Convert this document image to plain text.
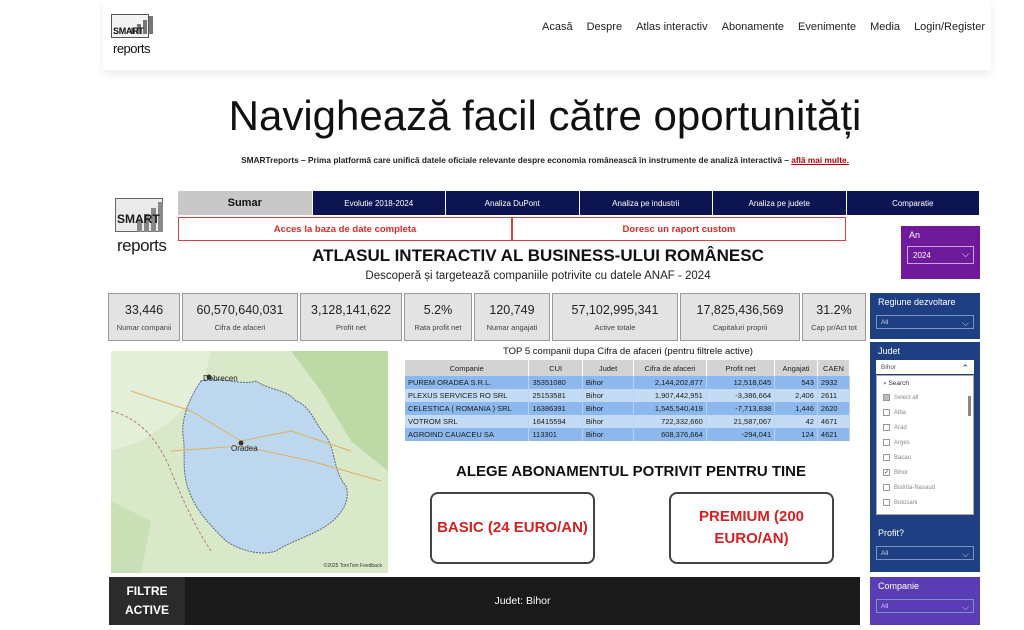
SMART
reports
Acasă Despre Atlas interactiv Abonamente Evenimente Media Login/Register
Navighează facil către oportunități
SMARTreports – Prima platformă care unifică datele oficiale relevante despre economia românească în instrumente de analiză interactivă – află mai multe.
SMART
reports
Sumar	Evolutie 2018-2024	Analiza DuPont	Analiza pe industrii	Analiza pe judete	Comparatie
Acces la baza de date completa	Doresc un raport custom
ATLASUL INTERACTIV AL BUSINESS-ULUI ROMÂNESC
Descoperă și targetează companiile potrivite cu datele ANAF - 2024
33,446
Numar companii
60,570,640,031
Cifra de afaceri
3,128,141,622
Profit net
5.2%
Rata profit net
120,749
Numar angajati
57,102,995,341
Active totale
17,825,436,569
Capitaluri proprii
31.2%
Cap pr/Act tot
Debrecen
Oradea
©2025 TomTom Feedback
TOP 5 companii dupa Cifra de afaceri (pentru filtrele active)
Companie	CUI	Judet	Cifra de afaceri	Profit net	Angajati	CAEN
PUREM ORADEA S.R.L.	35351080	Bihor	2,144,202,877	12,518,045	543	2932
PLEXUS SERVICES RO SRL	25153581	Bihor	1,907,442,951	-3,386,664	2,406	2611
CELESTICA ( ROMANIA ) SRL	16386391	Bihor	1,545,540,419	-7,713,838	1,446	2620
VOTROM SRL	16415594	Bihor	722,332,660	21,587,067	42	4671
AGROIND CAUACEU SA	113301	Bihor	608,376,664	-294,041	124	4621
ALEGE ABONAMENTUL POTRIVIT PENTRU TINE
BASIC (24 EURO/AN)
PREMIUM (200 EURO/AN)
FILTRE
ACTIVE
Judet: Bihor
An
2024	⌵
Regiune dezvoltare
All	⌵
Judet
Bihor	⌃
⌕ Search
Select all
Alba
Arad
Arges
Bacau
✓ Bihor
Bistrita-Nasaud
Botosani
Profit?
All	⌵
Companie
All	⌵
